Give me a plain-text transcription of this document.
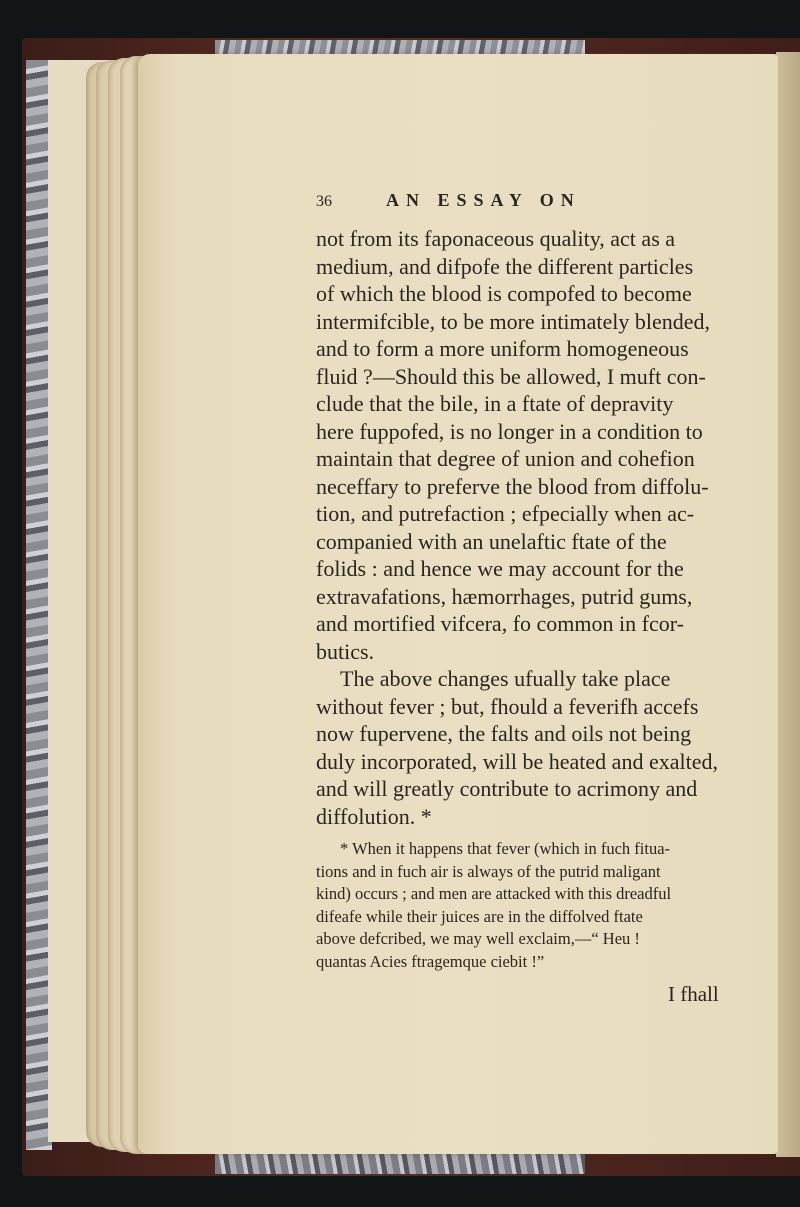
36	AN ESSAY ON
not from its faponaceous quality, act as a
medium, and difpofe the different particles
of which the blood is compofed to become
intermifcible, to be more intimately blended,
and to form a more uniform homogeneous
fluid ?—Should this be allowed, I muft con-
clude that the bile, in a ftate of depravity
here fuppofed, is no longer in a condition to
maintain that degree of union and cohefion
neceffary to preferve the blood from diffolu-
tion, and putrefaction ; efpecially when ac-
companied with an unelaftic ftate of the
folids : and hence we may account for the
extravafations, hæmorrhages, putrid gums,
and mortified vifcera, fo common in fcor-
butics.
The above changes ufually take place
without fever ; but, fhould a feverifh accefs
now fupervene, the falts and oils not being
duly incorporated, will be heated and exalted,
and will greatly contribute to acrimony and
diffolution. *
* When it happens that fever (which in fuch fitua-
tions and in fuch air is always of the putrid maligant
kind) occurs ; and men are attacked with this dreadful
difeafe while their juices are in the diffolved ftate
above defcribed, we may well exclaim,—“ Heu !
quantas Acies ftragemque ciebit !”
I fhall
